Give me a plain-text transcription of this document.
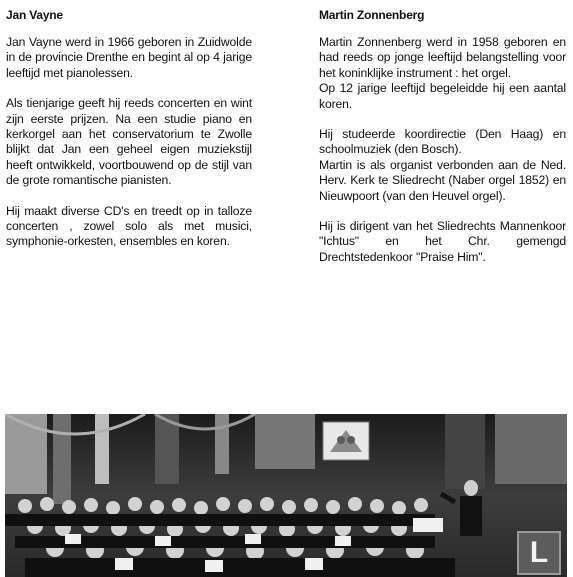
Jan Vayne

Jan Vayne werd in 1966 geboren in Zuidwolde in de provincie Drenthe en begint al op 4 jarige leeftijd met pianolessen.

Als tienjarige geeft hij reeds concerten en wint zijn eerste prijzen. Na een studie piano en kerkorgel aan het conservatorium te Zwolle blijkt dat Jan een geheel eigen muziekstijl heeft ontwikkeld, voortbouwend op de stijl van de grote romantische pianisten.

Hij maakt diverse CD's en treedt op in talloze concerten , zowel solo als met musici, symphonie-orkesten, ensembles en koren.

Martin Zonnenberg

Martin Zonnenberg werd in 1958 geboren en had reeds op jonge leeftijd belangstelling voor het koninklijke instrument : het orgel.

Op 12 jarige leeftijd begeleidde hij een aantal koren.

Hij studeerde koordirectie (Den Haag) en schoolmuziek (den Bosch).

Martin is als organist verbonden aan de Ned. Herv. Kerk te Sliedrecht (Naber orgel 1852) en Nieuwpoort (van den Heuvel orgel).

Hij is dirigent van het Sliedrechts Mannenkoor "Ichtus" en het Chr. gemengd Drechtstedenkoor "Praise Him".

L
